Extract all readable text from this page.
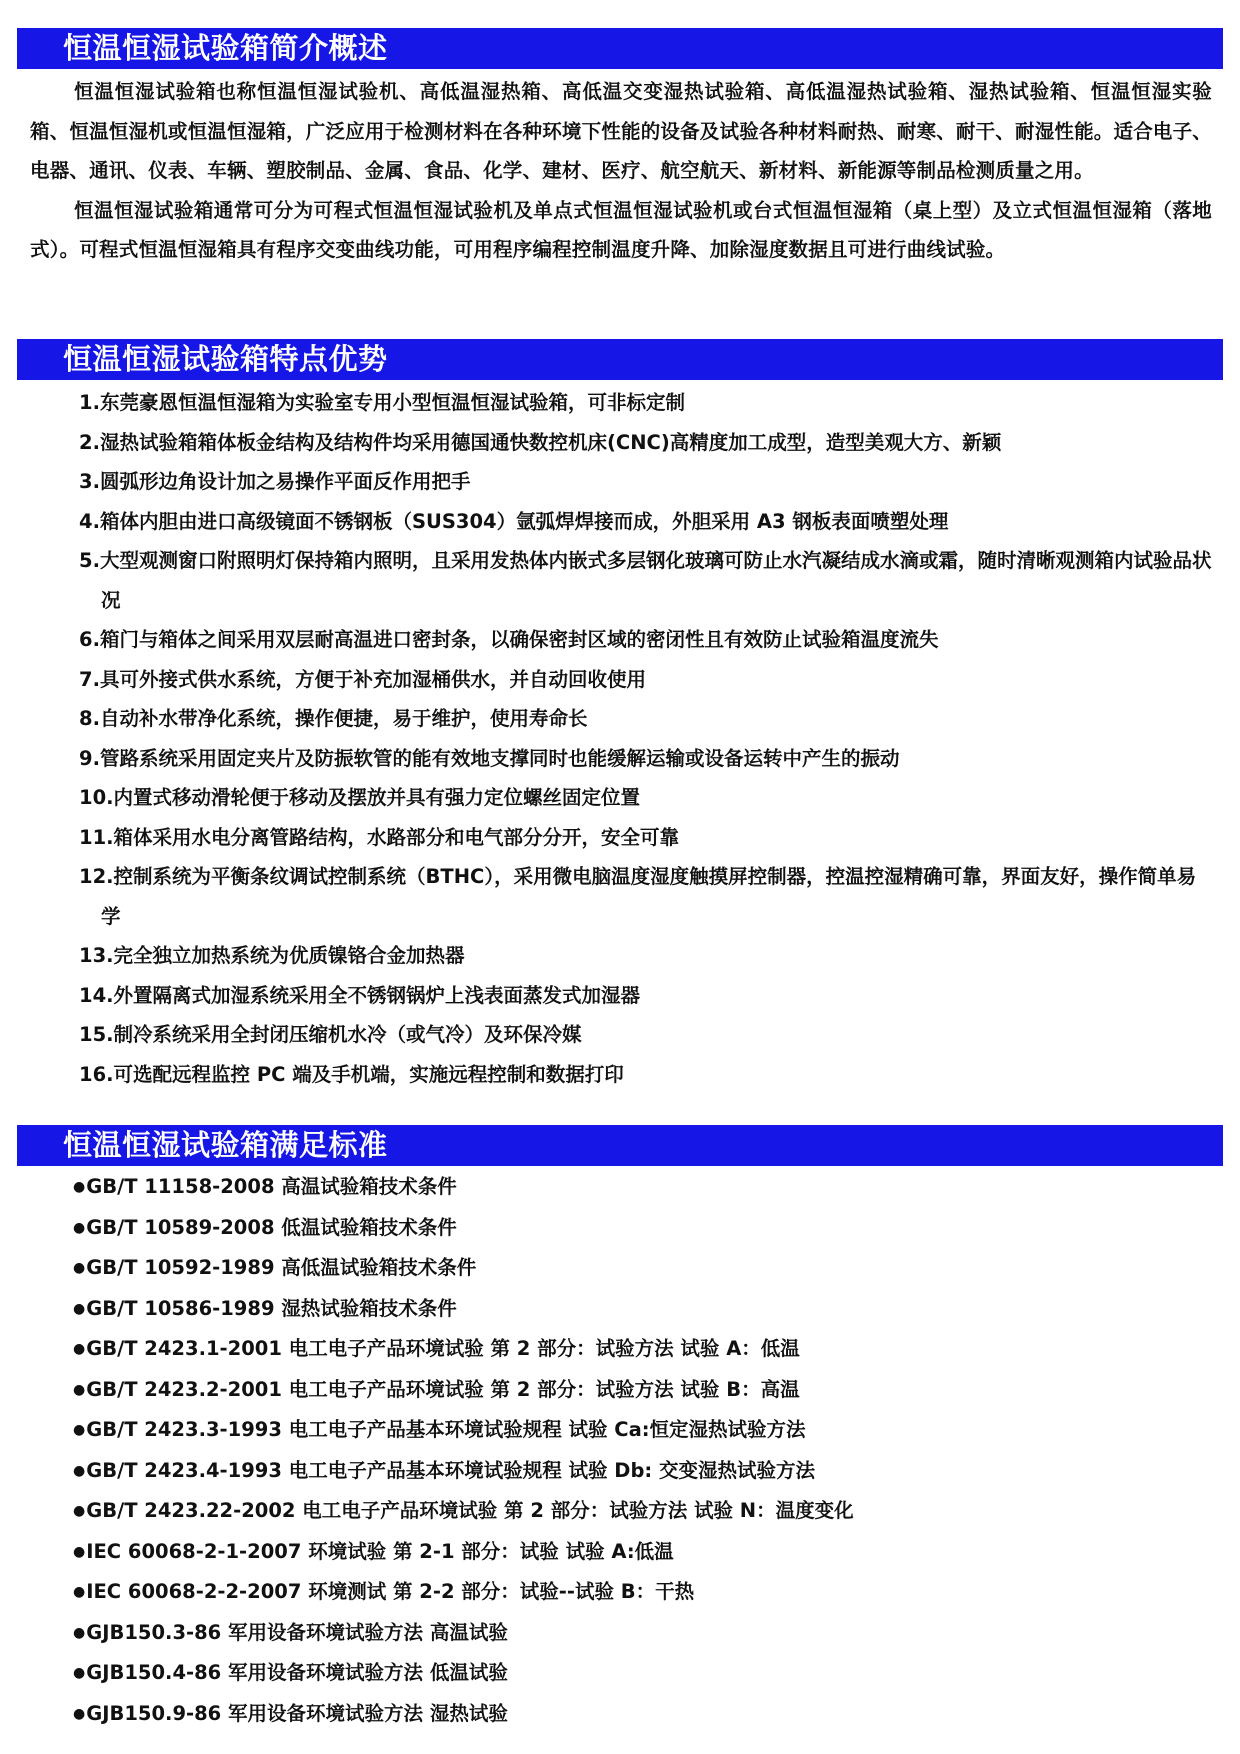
恒温恒湿试验箱简介概述

恒温恒湿试验箱也称恒温恒湿试验机、高低温湿热箱、高低温交变湿热试验箱、高低温湿热试验箱、湿热试验箱、恒温恒湿实验箱、恒温恒湿机或恒温恒湿箱，广泛应用于检测材料在各种环境下性能的设备及试验各种材料耐热、耐寒、耐干、耐湿性能。适合电子、电器、通讯、仪表、车辆、塑胶制品、金属、食品、化学、建材、医疗、航空航天、新材料、新能源等制品检测质量之用。

恒温恒湿试验箱通常可分为可程式恒温恒湿试验机及单点式恒温恒湿试验机或台式恒温恒湿箱（桌上型）及立式恒温恒湿箱（落地式）。可程式恒温恒湿箱具有程序交变曲线功能，可用程序编程控制温度升降、加除湿度数据且可进行曲线试验。

恒温恒湿试验箱特点优势
1.东莞豪恩恒温恒湿箱为实验室专用小型恒温恒湿试验箱，可非标定制
2.湿热试验箱箱体板金结构及结构件均采用德国通快数控机床(CNC)高精度加工成型，造型美观大方、新颖
3.圆弧形边角设计加之易操作平面反作用把手
4.箱体内胆由进口高级镜面不锈钢板（SUS304）氩弧焊焊接而成，外胆采用 A3 钢板表面喷塑处理
5.大型观测窗口附照明灯保持箱内照明，且采用发热体内嵌式多层钢化玻璃可防止水汽凝结成水滴或霜，随时清晰观测箱内试验品状况
6.箱门与箱体之间采用双层耐高温进口密封条，以确保密封区域的密闭性且有效防止试验箱温度流失
7.具可外接式供水系统，方便于补充加湿桶供水，并自动回收使用
8.自动补水带净化系统，操作便捷，易于维护，使用寿命长
9.管路系统采用固定夹片及防振软管的能有效地支撑同时也能缓解运输或设备运转中产生的振动
10.内置式移动滑轮便于移动及摆放并具有强力定位螺丝固定位置
11.箱体采用水电分离管路结构，水路部分和电气部分分开，安全可靠
12.控制系统为平衡条纹调试控制系统（BTHC），采用微电脑温度湿度触摸屏控制器，控温控湿精确可靠，界面友好，操作简单易学
13.完全独立加热系统为优质镍铬合金加热器
14.外置隔离式加湿系统采用全不锈钢锅炉上浅表面蒸发式加湿器
15.制冷系统采用全封闭压缩机水冷（或气冷）及环保冷媒
16.可选配远程监控 PC 端及手机端，实施远程控制和数据打印
恒温恒湿试验箱满足标准
●GB/T 11158-2008 高温试验箱技术条件
●GB/T 10589-2008 低温试验箱技术条件
●GB/T 10592-1989 高低温试验箱技术条件
●GB/T 10586-1989 湿热试验箱技术条件
●GB/T 2423.1-2001 电工电子产品环境试验 第 2 部分：试验方法 试验 A：低温
●GB/T 2423.2-2001 电工电子产品环境试验 第 2 部分：试验方法 试验 B：高温
●GB/T 2423.3-1993 电工电子产品基本环境试验规程 试验 Ca:恒定湿热试验方法
●GB/T 2423.4-1993 电工电子产品基本环境试验规程 试验 Db: 交变湿热试验方法
●GB/T 2423.22-2002 电工电子产品环境试验 第 2 部分：试验方法 试验 N：温度变化
●IEC 60068-2-1-2007 环境试验 第 2-1 部分：试验 试验 A:低温
●IEC 60068-2-2-2007 环境测试 第 2-2 部分：试验--试验 B：干热
●GJB150.3-86 军用设备环境试验方法 高温试验
●GJB150.4-86 军用设备环境试验方法 低温试验
●GJB150.9-86 军用设备环境试验方法 湿热试验
